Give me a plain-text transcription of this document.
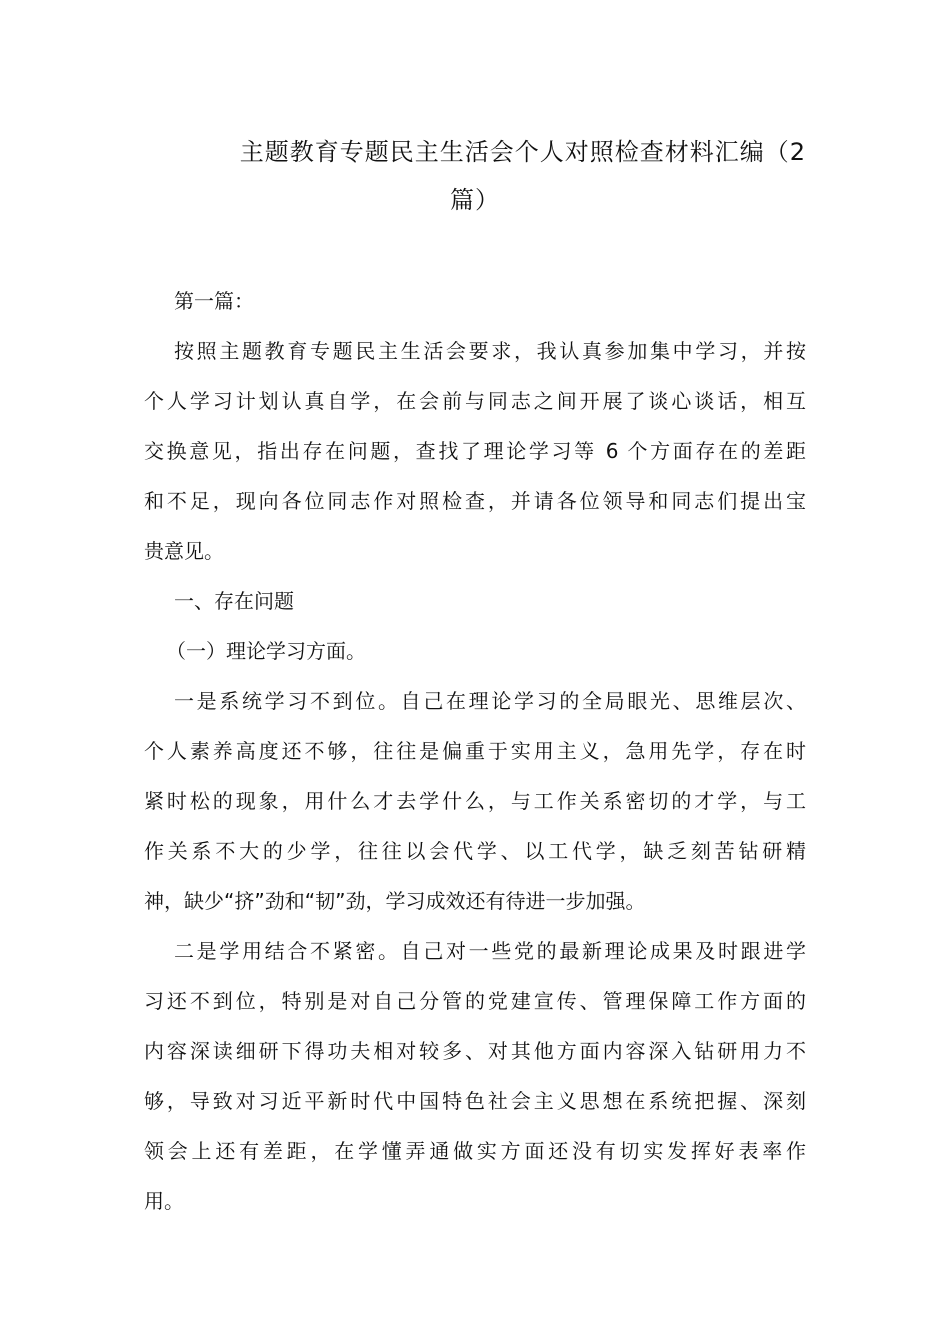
主题教育专题民主生活会个人对照检查材料汇编（2
篇）
第一篇：
按照主题教育专题民主生活会要求，我认真参加集中学习，并按
个人学习计划认真自学，在会前与同志之间开展了谈心谈话，相互
交换意见，指出存在问题，查找了理论学习等 6 个方面存在的差距
和不足，现向各位同志作对照检查，并请各位领导和同志们提出宝
贵意见。
一、存在问题
（一）理论学习方面。
一是系统学习不到位。自己在理论学习的全局眼光、思维层次、
个人素养高度还不够，往往是偏重于实用主义，急用先学，存在时
紧时松的现象，用什么才去学什么，与工作关系密切的才学，与工
作关系不大的少学，往往以会代学、以工代学，缺乏刻苦钻研精
神，缺少“挤”劲和“韧”劲，学习成效还有待进一步加强。
二是学用结合不紧密。自己对一些党的最新理论成果及时跟进学
习还不到位，特别是对自己分管的党建宣传、管理保障工作方面的
内容深读细研下得功夫相对较多、对其他方面内容深入钻研用力不
够，导致对习近平新时代中国特色社会主义思想在系统把握、深刻
领会上还有差距，在学懂弄通做实方面还没有切实发挥好表率作
用。
